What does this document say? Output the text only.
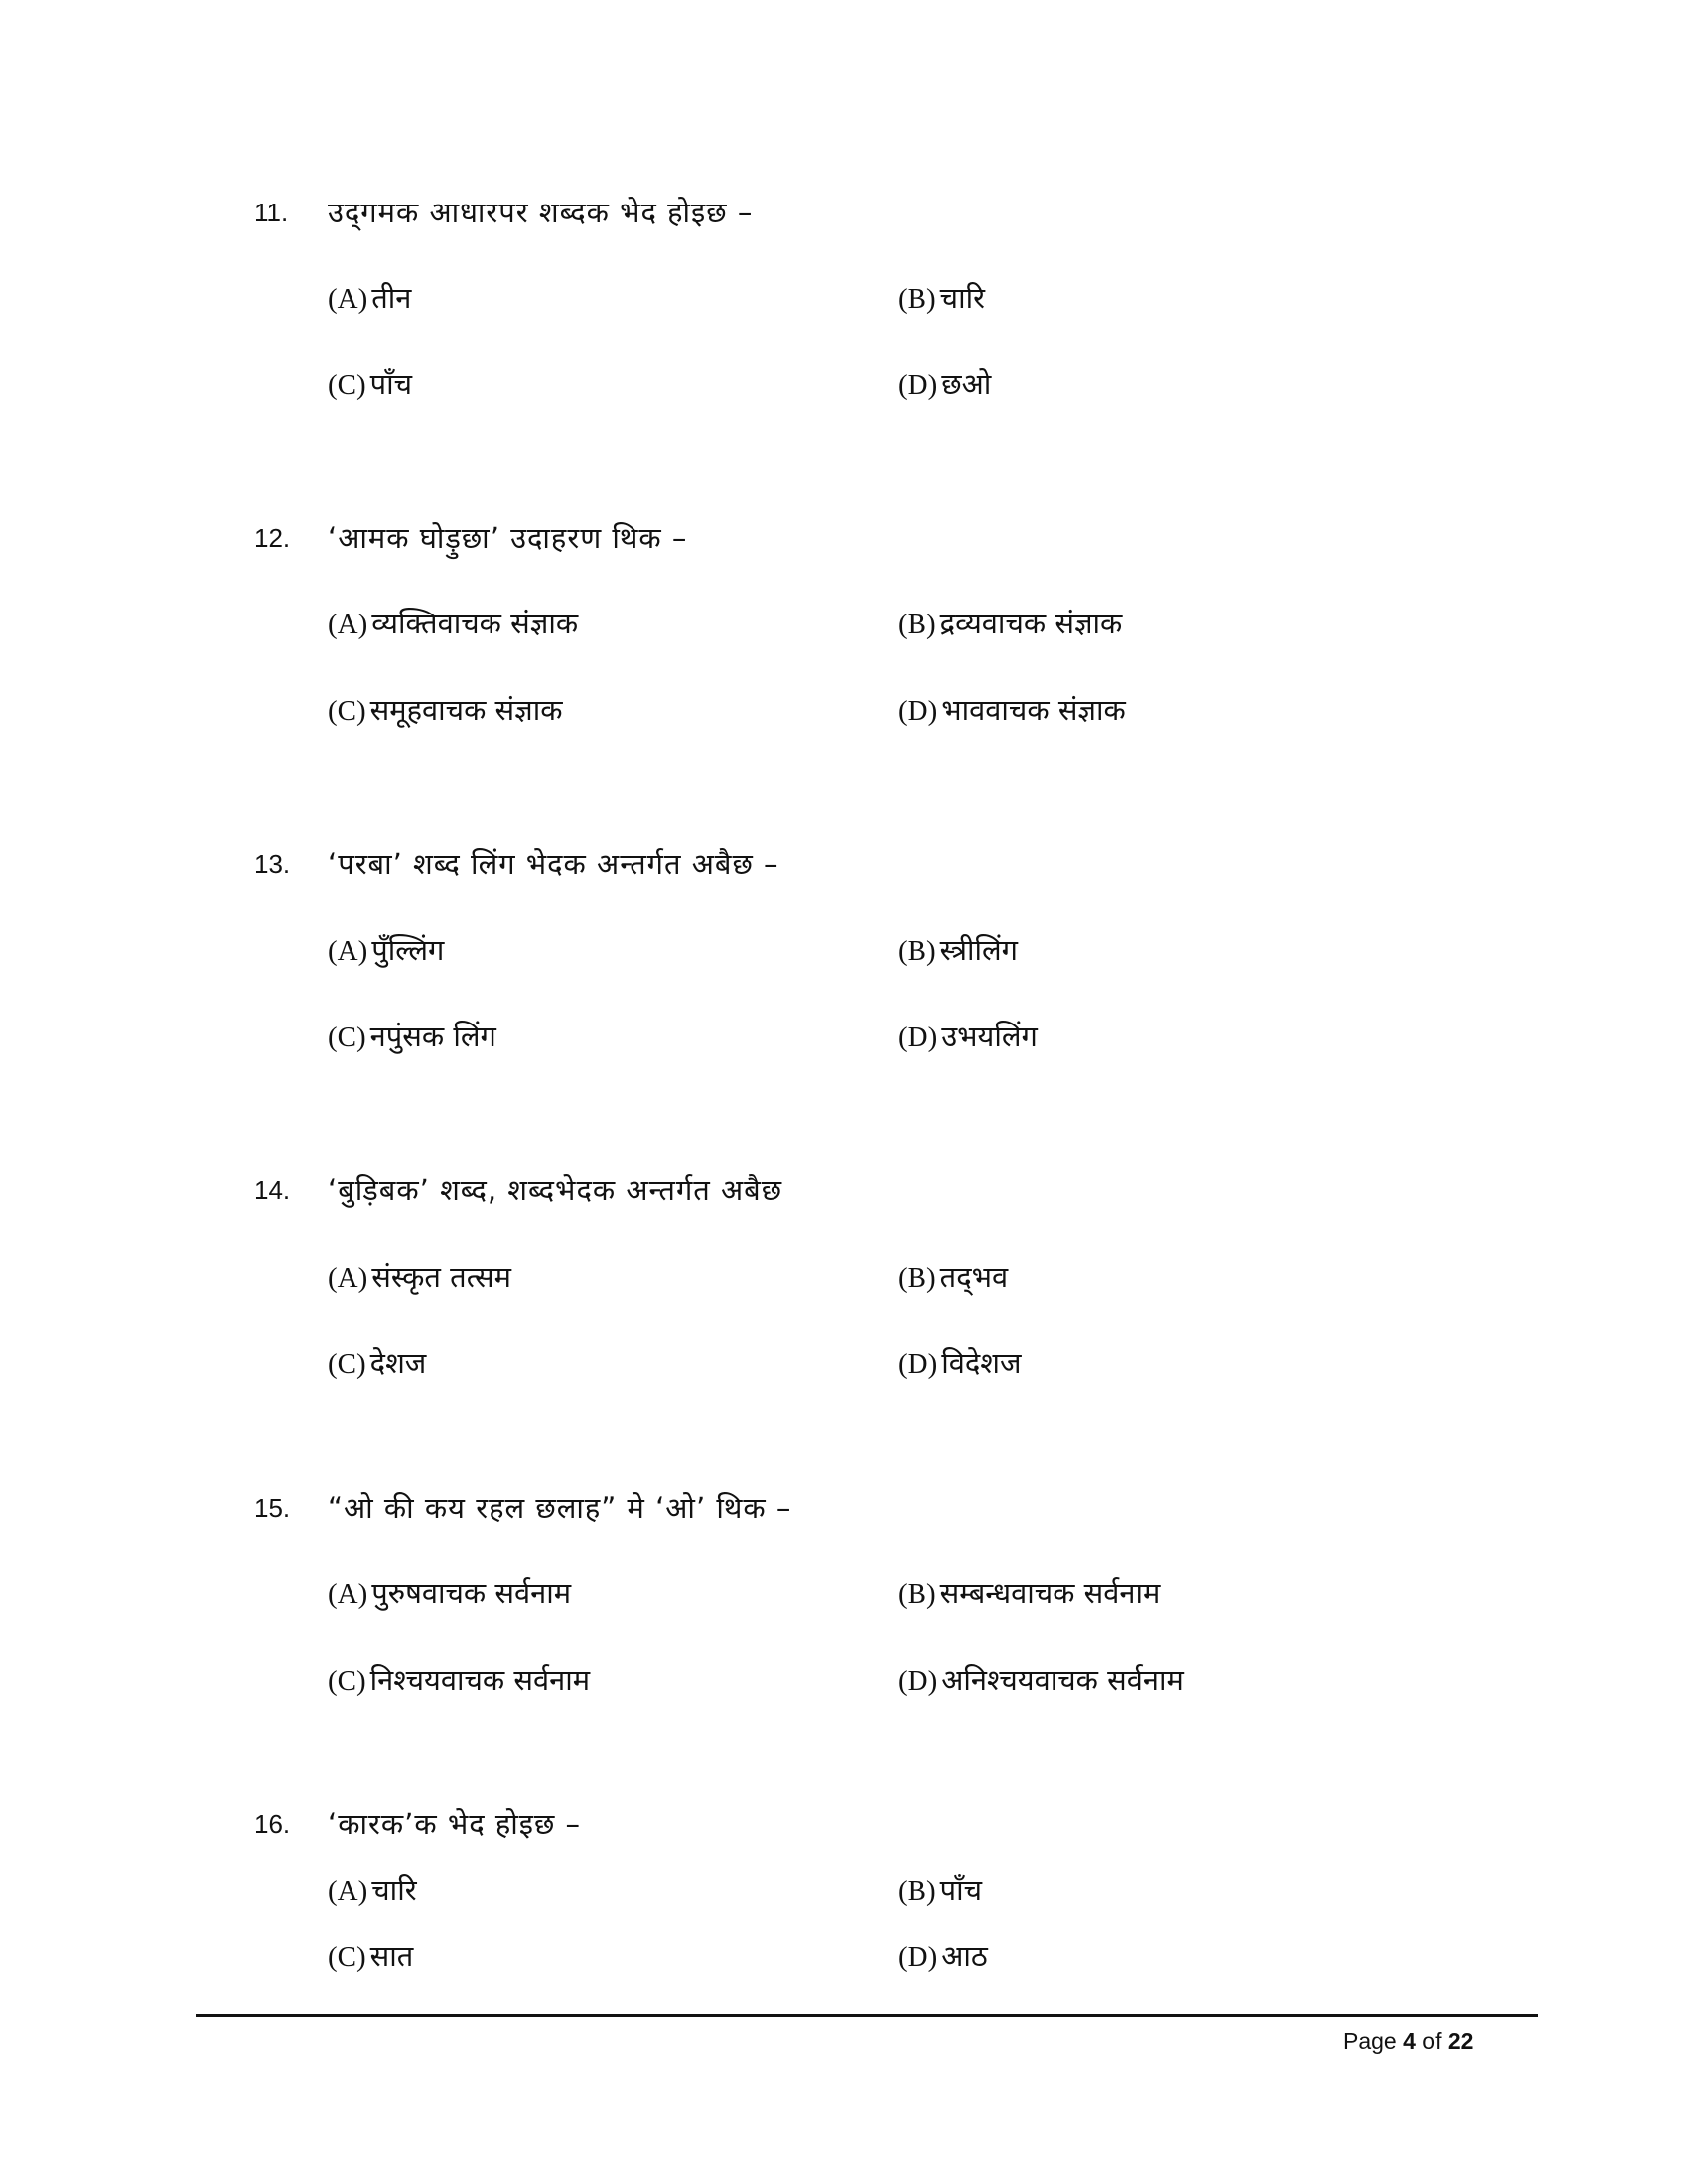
11.	उद्‌गमक आधारपर शब्दक भेद होइछ –
(A) तीन	(B) चारि
(C) पाँच	(D) छओ
12.	‘आमक घोड़ुछा’ उदाहरण थिक –
(A) व्यक्तिवाचक संज्ञाक	(B) द्रव्यवाचक संज्ञाक
(C) समूहवाचक संज्ञाक	(D) भाववाचक संज्ञाक
13.	‘परबा’ शब्द लिंग भेदक अन्तर्गत अबैछ –
(A) पुँल्लिंग	(B) स्त्रीलिंग
(C) नपुंसक लिंग	(D) उभयलिंग
14.	‘बुड़िबक’ शब्द, शब्दभेदक अन्तर्गत अबैछ
(A) संस्कृत तत्सम	(B) तद्‌भव
(C) देशज	(D) विदेशज
15.	“ओ की कय रहल छलाह” मे ‘ओ’ थिक –
(A) पुरुषवाचक सर्वनाम	(B) सम्बन्धवाचक सर्वनाम
(C) निश्चयवाचक सर्वनाम	(D) अनिश्चयवाचक सर्वनाम
16.	‘कारक’क भेद होइछ –
(A) चारि	(B) पाँच
(C) सात	(D) आठ
Page 4 of 22
